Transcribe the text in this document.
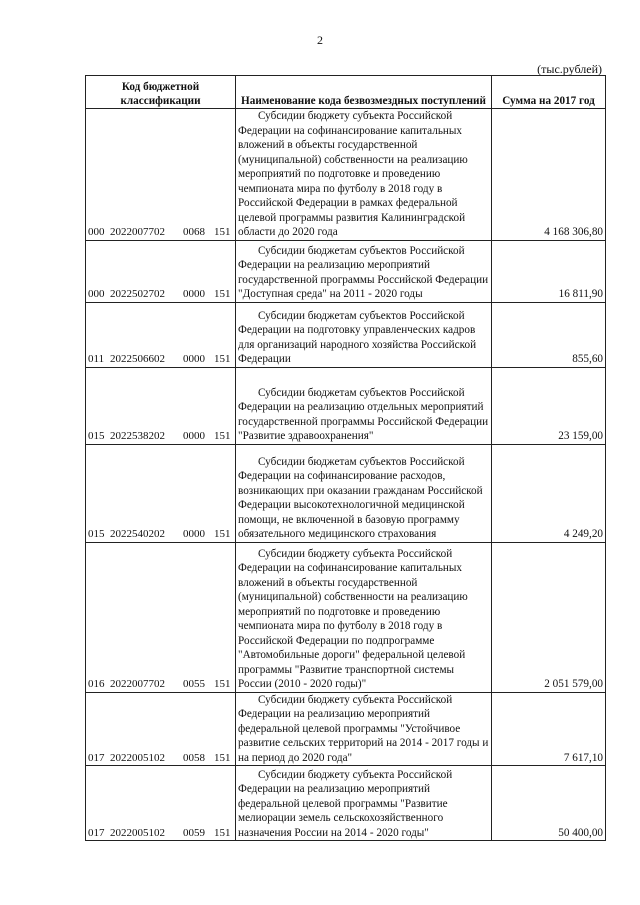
2
(тыс.рублей)
Код бюджетной классификации	Наименование кода безвозмездных поступлений	Сумма на 2017 год
000 2022007702 0068 151	Субсидии бюджету субъекта Российской Федерации на софинансирование капитальных вложений в объекты государственной (муниципальной) собственности на реализацию мероприятий по подготовке и проведению чемпионата мира по футболу в 2018 году в Российской Федерации в рамках федеральной целевой программы развития Калининградской области до 2020 года	4 168 306,80
000 2022502702 0000 151	Субсидии бюджетам субъектов Российской Федерации на реализацию мероприятий государственной программы Российской Федерации "Доступная среда" на 2011 - 2020 годы	16 811,90
011 2022506602 0000 151	Субсидии бюджетам субъектов Российской Федерации на подготовку управленческих кадров для организаций народного хозяйства Российской Федерации	855,60
015 2022538202 0000 151	Субсидии бюджетам субъектов Российской Федерации на реализацию отдельных мероприятий государственной программы Российской Федерации "Развитие здравоохранения"	23 159,00
015 2022540202 0000 151	Субсидии бюджетам субъектов Российской Федерации на софинансирование расходов, возникающих при оказании гражданам Российской Федерации высокотехнологичной медицинской помощи, не включенной в базовую программу обязательного медицинского страхования	4 249,20
016 2022007702 0055 151	Субсидии бюджету субъекта Российской Федерации на софинансирование капитальных вложений в объекты государственной (муниципальной) собственности на реализацию мероприятий по подготовке и проведению чемпионата мира по футболу в 2018 году в Российской Федерации по подпрограмме "Автомобильные дороги" федеральной целевой программы "Развитие транспортной системы России (2010 - 2020 годы)"	2 051 579,00
017 2022005102 0058 151	Субсидии бюджету субъекта Российской Федерации на реализацию мероприятий федеральной целевой программы "Устойчивое развитие сельских территорий на 2014 - 2017 годы и на период до 2020 года"	7 617,10
017 2022005102 0059 151	Субсидии бюджету субъекта Российской Федерации на реализацию мероприятий федеральной целевой программы "Развитие мелиорации земель сельскохозяйственного назначения России на 2014 - 2020 годы"	50 400,00
